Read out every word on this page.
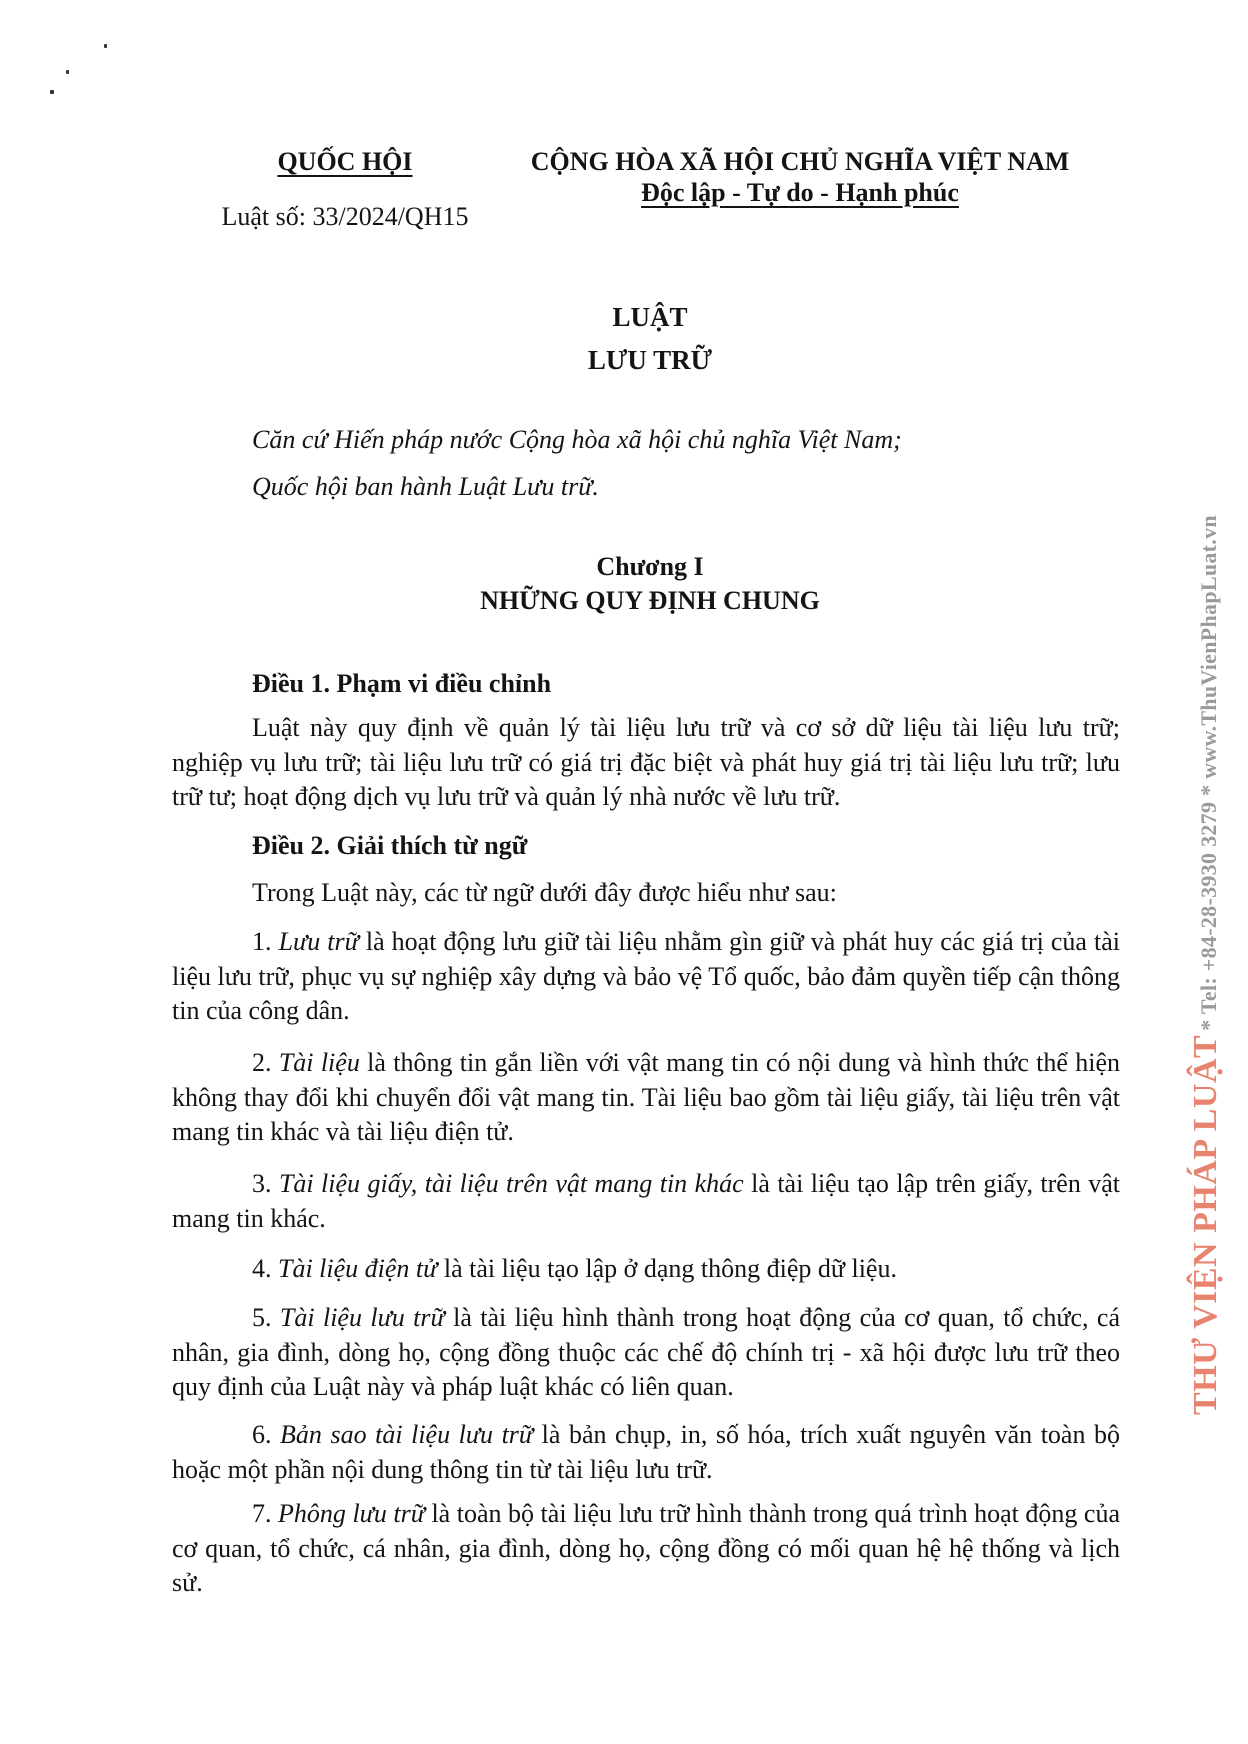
QUỐC HỘI
Luật số: 33/2024/QH15
CỘNG HÒA XÃ HỘI CHỦ NGHĨA VIỆT NAM
Độc lập - Tự do - Hạnh phúc
LUẬT
LƯU TRỮ
Căn cứ Hiến pháp nước Cộng hòa xã hội chủ nghĩa Việt Nam;
Quốc hội ban hành Luật Lưu trữ.
Chương I
NHỮNG QUY ĐỊNH CHUNG
Điều 1. Phạm vi điều chỉnh
Luật này quy định về quản lý tài liệu lưu trữ và cơ sở dữ liệu tài liệu lưu trữ; nghiệp vụ lưu trữ; tài liệu lưu trữ có giá trị đặc biệt và phát huy giá trị tài liệu lưu trữ; lưu trữ tư; hoạt động dịch vụ lưu trữ và quản lý nhà nước về lưu trữ.
Điều 2. Giải thích từ ngữ
Trong Luật này, các từ ngữ dưới đây được hiểu như sau:
1. Lưu trữ là hoạt động lưu giữ tài liệu nhằm gìn giữ và phát huy các giá trị của tài liệu lưu trữ, phục vụ sự nghiệp xây dựng và bảo vệ Tổ quốc, bảo đảm quyền tiếp cận thông tin của công dân.
2. Tài liệu là thông tin gắn liền với vật mang tin có nội dung và hình thức thể hiện không thay đổi khi chuyển đổi vật mang tin. Tài liệu bao gồm tài liệu giấy, tài liệu trên vật mang tin khác và tài liệu điện tử.
3. Tài liệu giấy, tài liệu trên vật mang tin khác là tài liệu tạo lập trên giấy, trên vật mang tin khác.
4. Tài liệu điện tử là tài liệu tạo lập ở dạng thông điệp dữ liệu.
5. Tài liệu lưu trữ là tài liệu hình thành trong hoạt động của cơ quan, tổ chức, cá nhân, gia đình, dòng họ, cộng đồng thuộc các chế độ chính trị - xã hội được lưu trữ theo quy định của Luật này và pháp luật khác có liên quan.
6. Bản sao tài liệu lưu trữ là bản chụp, in, số hóa, trích xuất nguyên văn toàn bộ hoặc một phần nội dung thông tin từ tài liệu lưu trữ.
7. Phông lưu trữ là toàn bộ tài liệu lưu trữ hình thành trong quá trình hoạt động của cơ quan, tổ chức, cá nhân, gia đình, dòng họ, cộng đồng có mối quan hệ hệ thống và lịch sử.
THƯ VIỆN PHÁP LUẬT * Tel: +84-28-3930 3279 * www.ThuVienPhapLuat.vn
